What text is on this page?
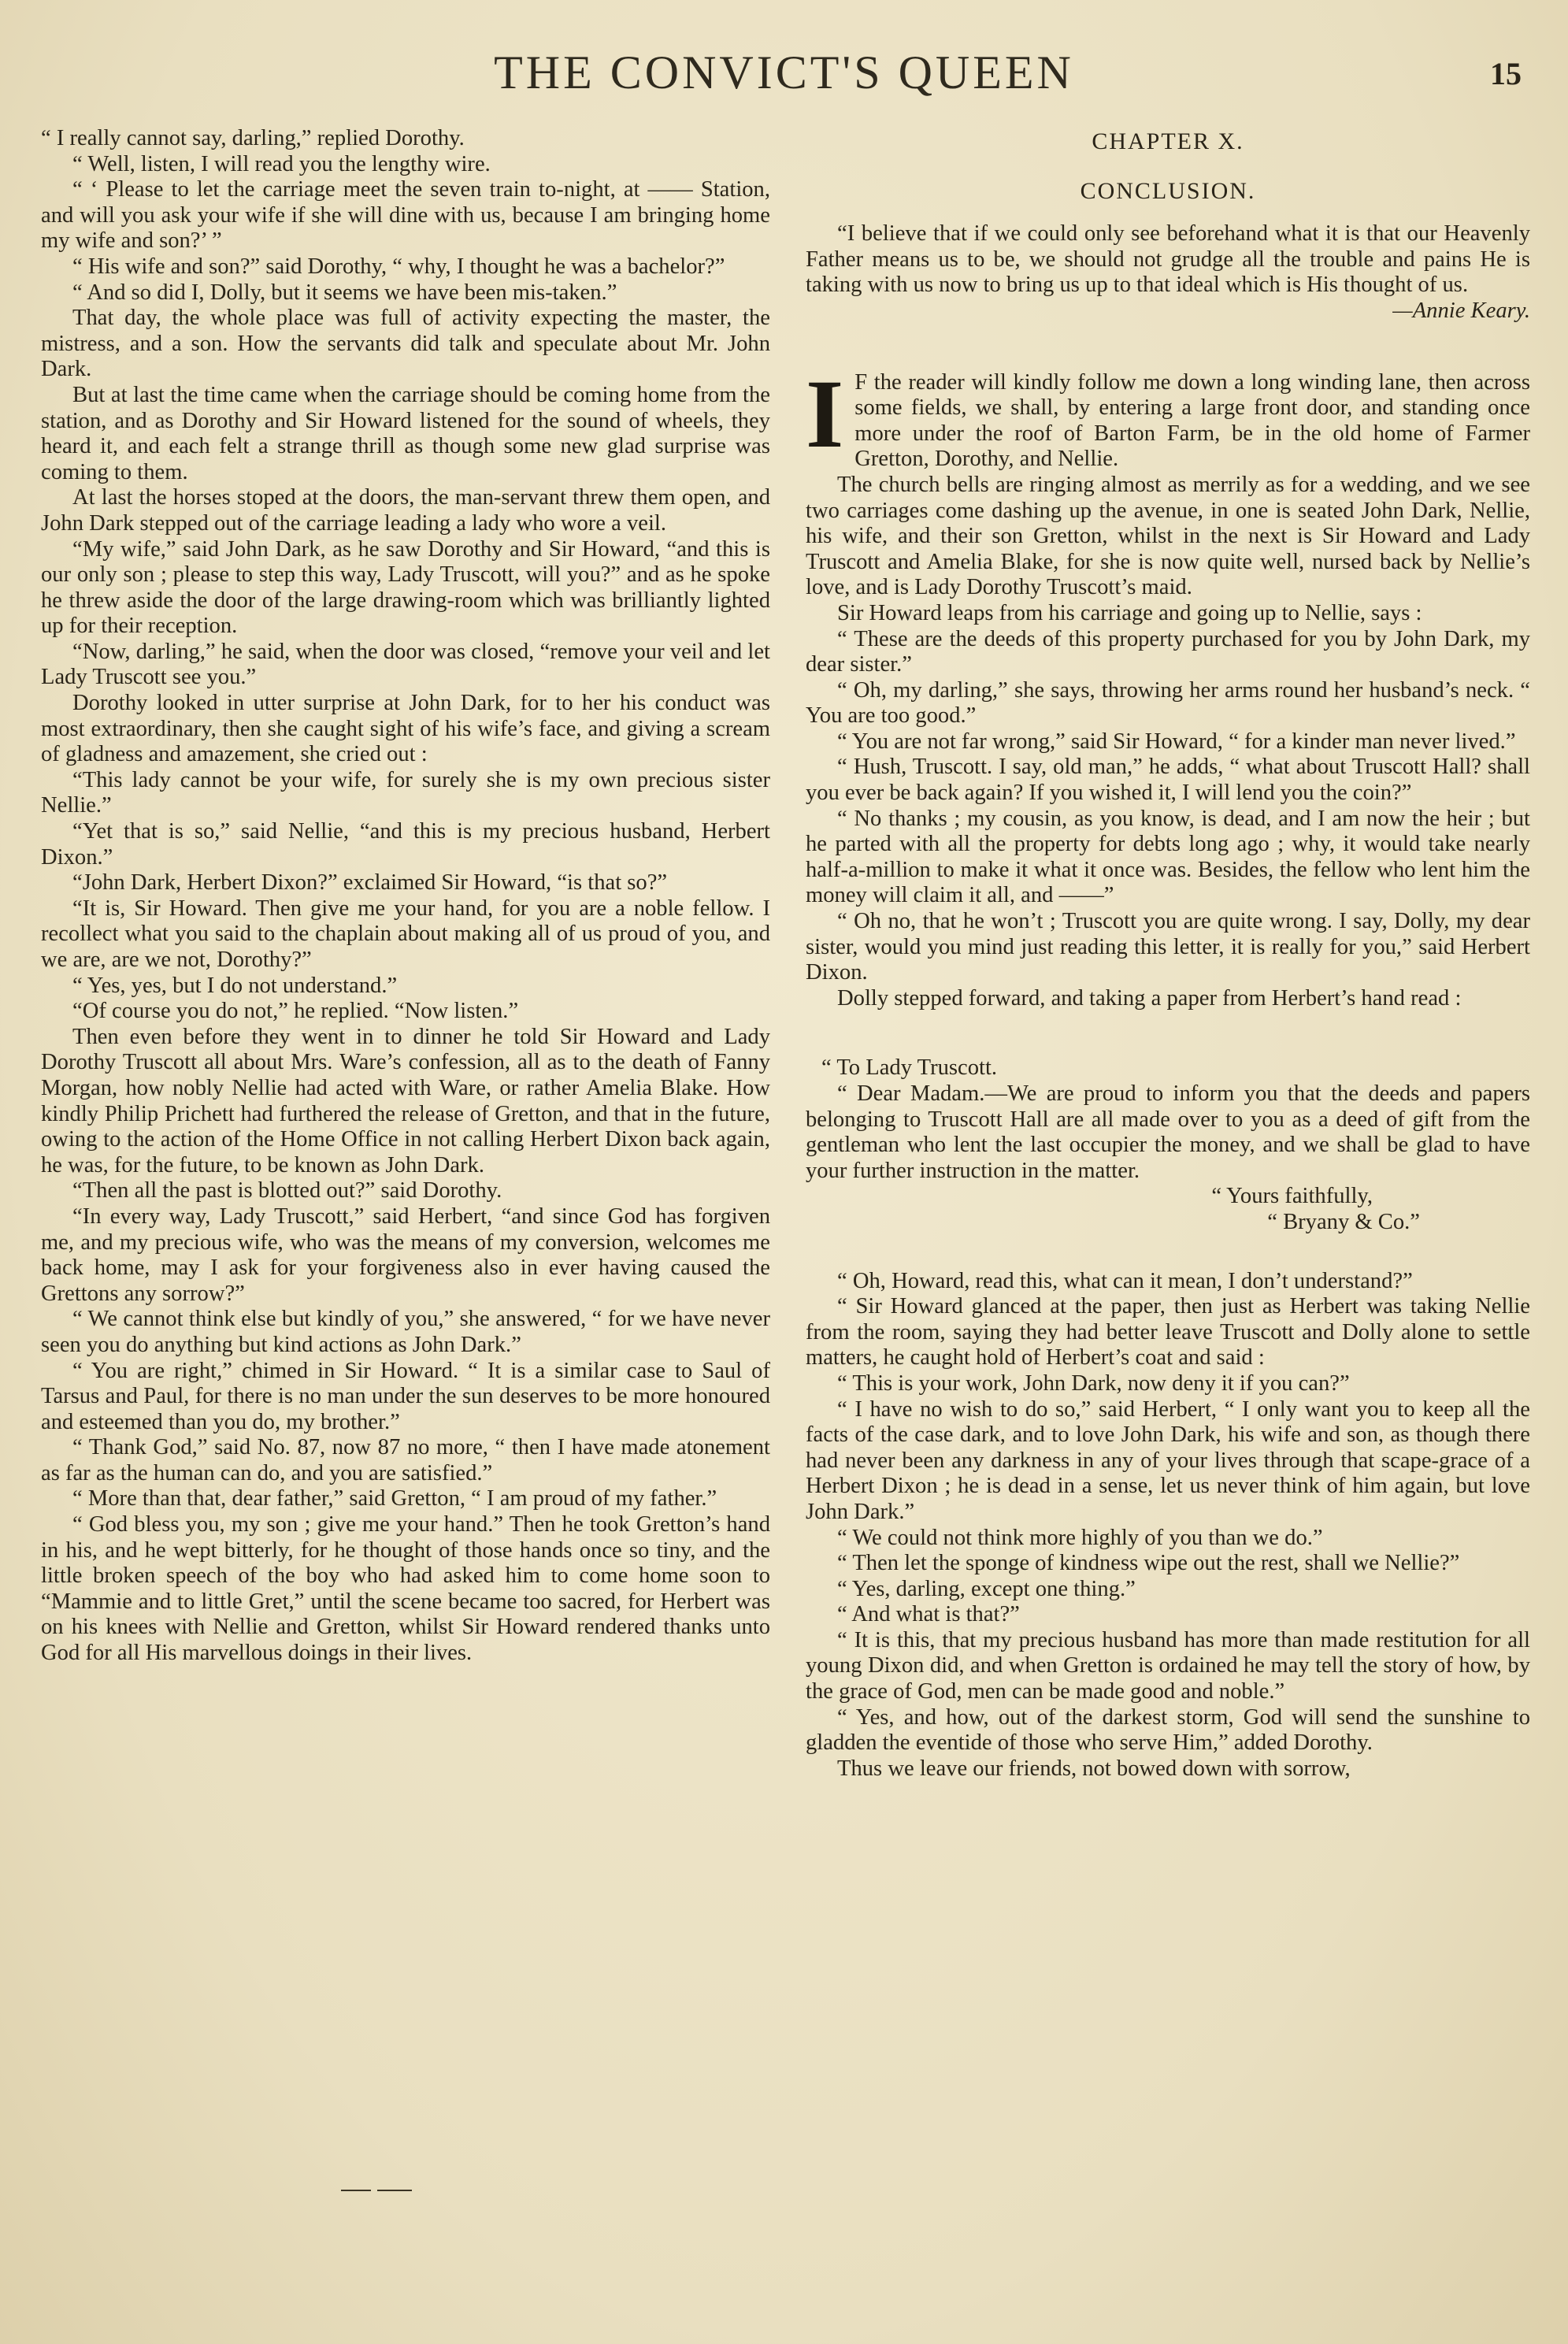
THE CONVICT'S QUEEN	15

“ I really cannot say, darling,” replied Dorothy.

“ Well, listen, I will read you the lengthy wire.

“ ‘ Please to let the carriage meet the seven train to-night, at —— Station, and will you ask your wife if she will dine with us, because I am bringing home my wife and son?’ ”

“ His wife and son?” said Dorothy, “ why, I thought he was a bachelor?”

“ And so did I, Dolly, but it seems we have been mis-taken.”

That day, the whole place was full of activity expecting the master, the mistress, and a son. How the servants did talk and speculate about Mr. John Dark.

But at last the time came when the carriage should be coming home from the station, and as Dorothy and Sir Howard listened for the sound of wheels, they heard it, and each felt a strange thrill as though some new glad surprise was coming to them.

At last the horses stoped at the doors, the man-servant threw them open, and John Dark stepped out of the carriage leading a lady who wore a veil.

“My wife,” said John Dark, as he saw Dorothy and Sir Howard, “and this is our only son ; please to step this way, Lady Truscott, will you?” and as he spoke he threw aside the door of the large drawing-room which was brilliantly lighted up for their reception.

“Now, darling,” he said, when the door was closed, “remove your veil and let Lady Truscott see you.”

Dorothy looked in utter surprise at John Dark, for to her his conduct was most extraordinary, then she caught sight of his wife’s face, and giving a scream of gladness and amazement, she cried out :

“This lady cannot be your wife, for surely she is my own precious sister Nellie.”

“Yet that is so,” said Nellie, “and this is my precious husband, Herbert Dixon.”

“John Dark, Herbert Dixon?” exclaimed Sir Howard, “is that so?”

“It is, Sir Howard. Then give me your hand, for you are a noble fellow. I recollect what you said to the chaplain about making all of us proud of you, and we are, are we not, Dorothy?”

“ Yes, yes, but I do not understand.”

“Of course you do not,” he replied. “Now listen.”

Then even before they went in to dinner he told Sir Howard and Lady Dorothy Truscott all about Mrs. Ware’s confession, all as to the death of Fanny Morgan, how nobly Nellie had acted with Ware, or rather Amelia Blake. How kindly Philip Prichett had furthered the release of Gretton, and that in the future, owing to the action of the Home Office in not calling Herbert Dixon back again, he was, for the future, to be known as John Dark.

“Then all the past is blotted out?” said Dorothy.

“In every way, Lady Truscott,” said Herbert, “and since God has forgiven me, and my precious wife, who was the means of my conversion, welcomes me back home, may I ask for your forgiveness also in ever having caused the Grettons any sorrow?”

“ We cannot think else but kindly of you,” she answered, “ for we have never seen you do anything but kind actions as John Dark.”

“ You are right,” chimed in Sir Howard. “ It is a similar case to Saul of Tarsus and Paul, for there is no man under the sun deserves to be more honoured and esteemed than you do, my brother.”

“ Thank God,” said No. 87, now 87 no more, “ then I have made atonement as far as the human can do, and you are satisfied.”

“ More than that, dear father,” said Gretton, “ I am proud of my father.”

“ God bless you, my son ; give me your hand.” Then he took Gretton’s hand in his, and he wept bitterly, for he thought of those hands once so tiny, and the little broken speech of the boy who had asked him to come home soon to “Mammie and to little Gret,” until the scene became too sacred, for Herbert was on his knees with Nellie and Gretton, whilst Sir Howard rendered thanks unto God for all His marvellous doings in their lives.

CHAPTER X.
CONCLUSION.

“I believe that if we could only see beforehand what it is that our Heavenly Father means us to be, we should not grudge all the trouble and pains He is taking with us now to bring us up to that ideal which is His thought of us.

—Annie Keary.

I F the reader will kindly follow me down a long winding lane, then across some fields, we shall, by entering a large front door, and standing once more under the roof of Barton Farm, be in the old home of Farmer Gretton, Dorothy, and Nellie.

The church bells are ringing almost as merrily as for a wedding, and we see two carriages come dashing up the avenue, in one is seated John Dark, Nellie, his wife, and their son Gretton, whilst in the next is Sir Howard and Lady Truscott and Amelia Blake, for she is now quite well, nursed back by Nellie’s love, and is Lady Dorothy Truscott’s maid.

Sir Howard leaps from his carriage and going up to Nellie, says :

“ These are the deeds of this property purchased for you by John Dark, my dear sister.”

“ Oh, my darling,” she says, throwing her arms round her husband’s neck. “ You are too good.”

“ You are not far wrong,” said Sir Howard, “ for a kinder man never lived.”

“ Hush, Truscott. I say, old man,” he adds, “ what about Truscott Hall? shall you ever be back again? If you wished it, I will lend you the coin?”

“ No thanks ; my cousin, as you know, is dead, and I am now the heir ; but he parted with all the property for debts long ago ; why, it would take nearly half-a-million to make it what it once was. Besides, the fellow who lent him the money will claim it all, and ——”

“ Oh no, that he won’t ; Truscott you are quite wrong. I say, Dolly, my dear sister, would you mind just reading this letter, it is really for you,” said Herbert Dixon.

Dolly stepped forward, and taking a paper from Herbert’s hand read :

“ To Lady Truscott.

“ Dear Madam.—We are proud to inform you that the deeds and papers belonging to Truscott Hall are all made over to you as a deed of gift from the gentleman who lent the last occupier the money, and we shall be glad to have your further instruction in the matter.

“ Yours faithfully,

“ Bryany & Co.”

“ Oh, Howard, read this, what can it mean, I don’t understand?”

“ Sir Howard glanced at the paper, then just as Herbert was taking Nellie from the room, saying they had better leave Truscott and Dolly alone to settle matters, he caught hold of Herbert’s coat and said :

“ This is your work, John Dark, now deny it if you can?”

“ I have no wish to do so,” said Herbert, “ I only want you to keep all the facts of the case dark, and to love John Dark, his wife and son, as though there had never been any darkness in any of your lives through that scape-grace of a Herbert Dixon ; he is dead in a sense, let us never think of him again, but love John Dark.”

“ We could not think more highly of you than we do.”

“ Then let the sponge of kindness wipe out the rest, shall we Nellie?”

“ Yes, darling, except one thing.”

“ And what is that?”

“ It is this, that my precious husband has more than made restitution for all young Dixon did, and when Gretton is ordained he may tell the story of how, by the grace of God, men can be made good and noble.”

“ Yes, and how, out of the darkest storm, God will send the sunshine to gladden the eventide of those who serve Him,” added Dorothy.

Thus we leave our friends, not bowed down with sorrow,
